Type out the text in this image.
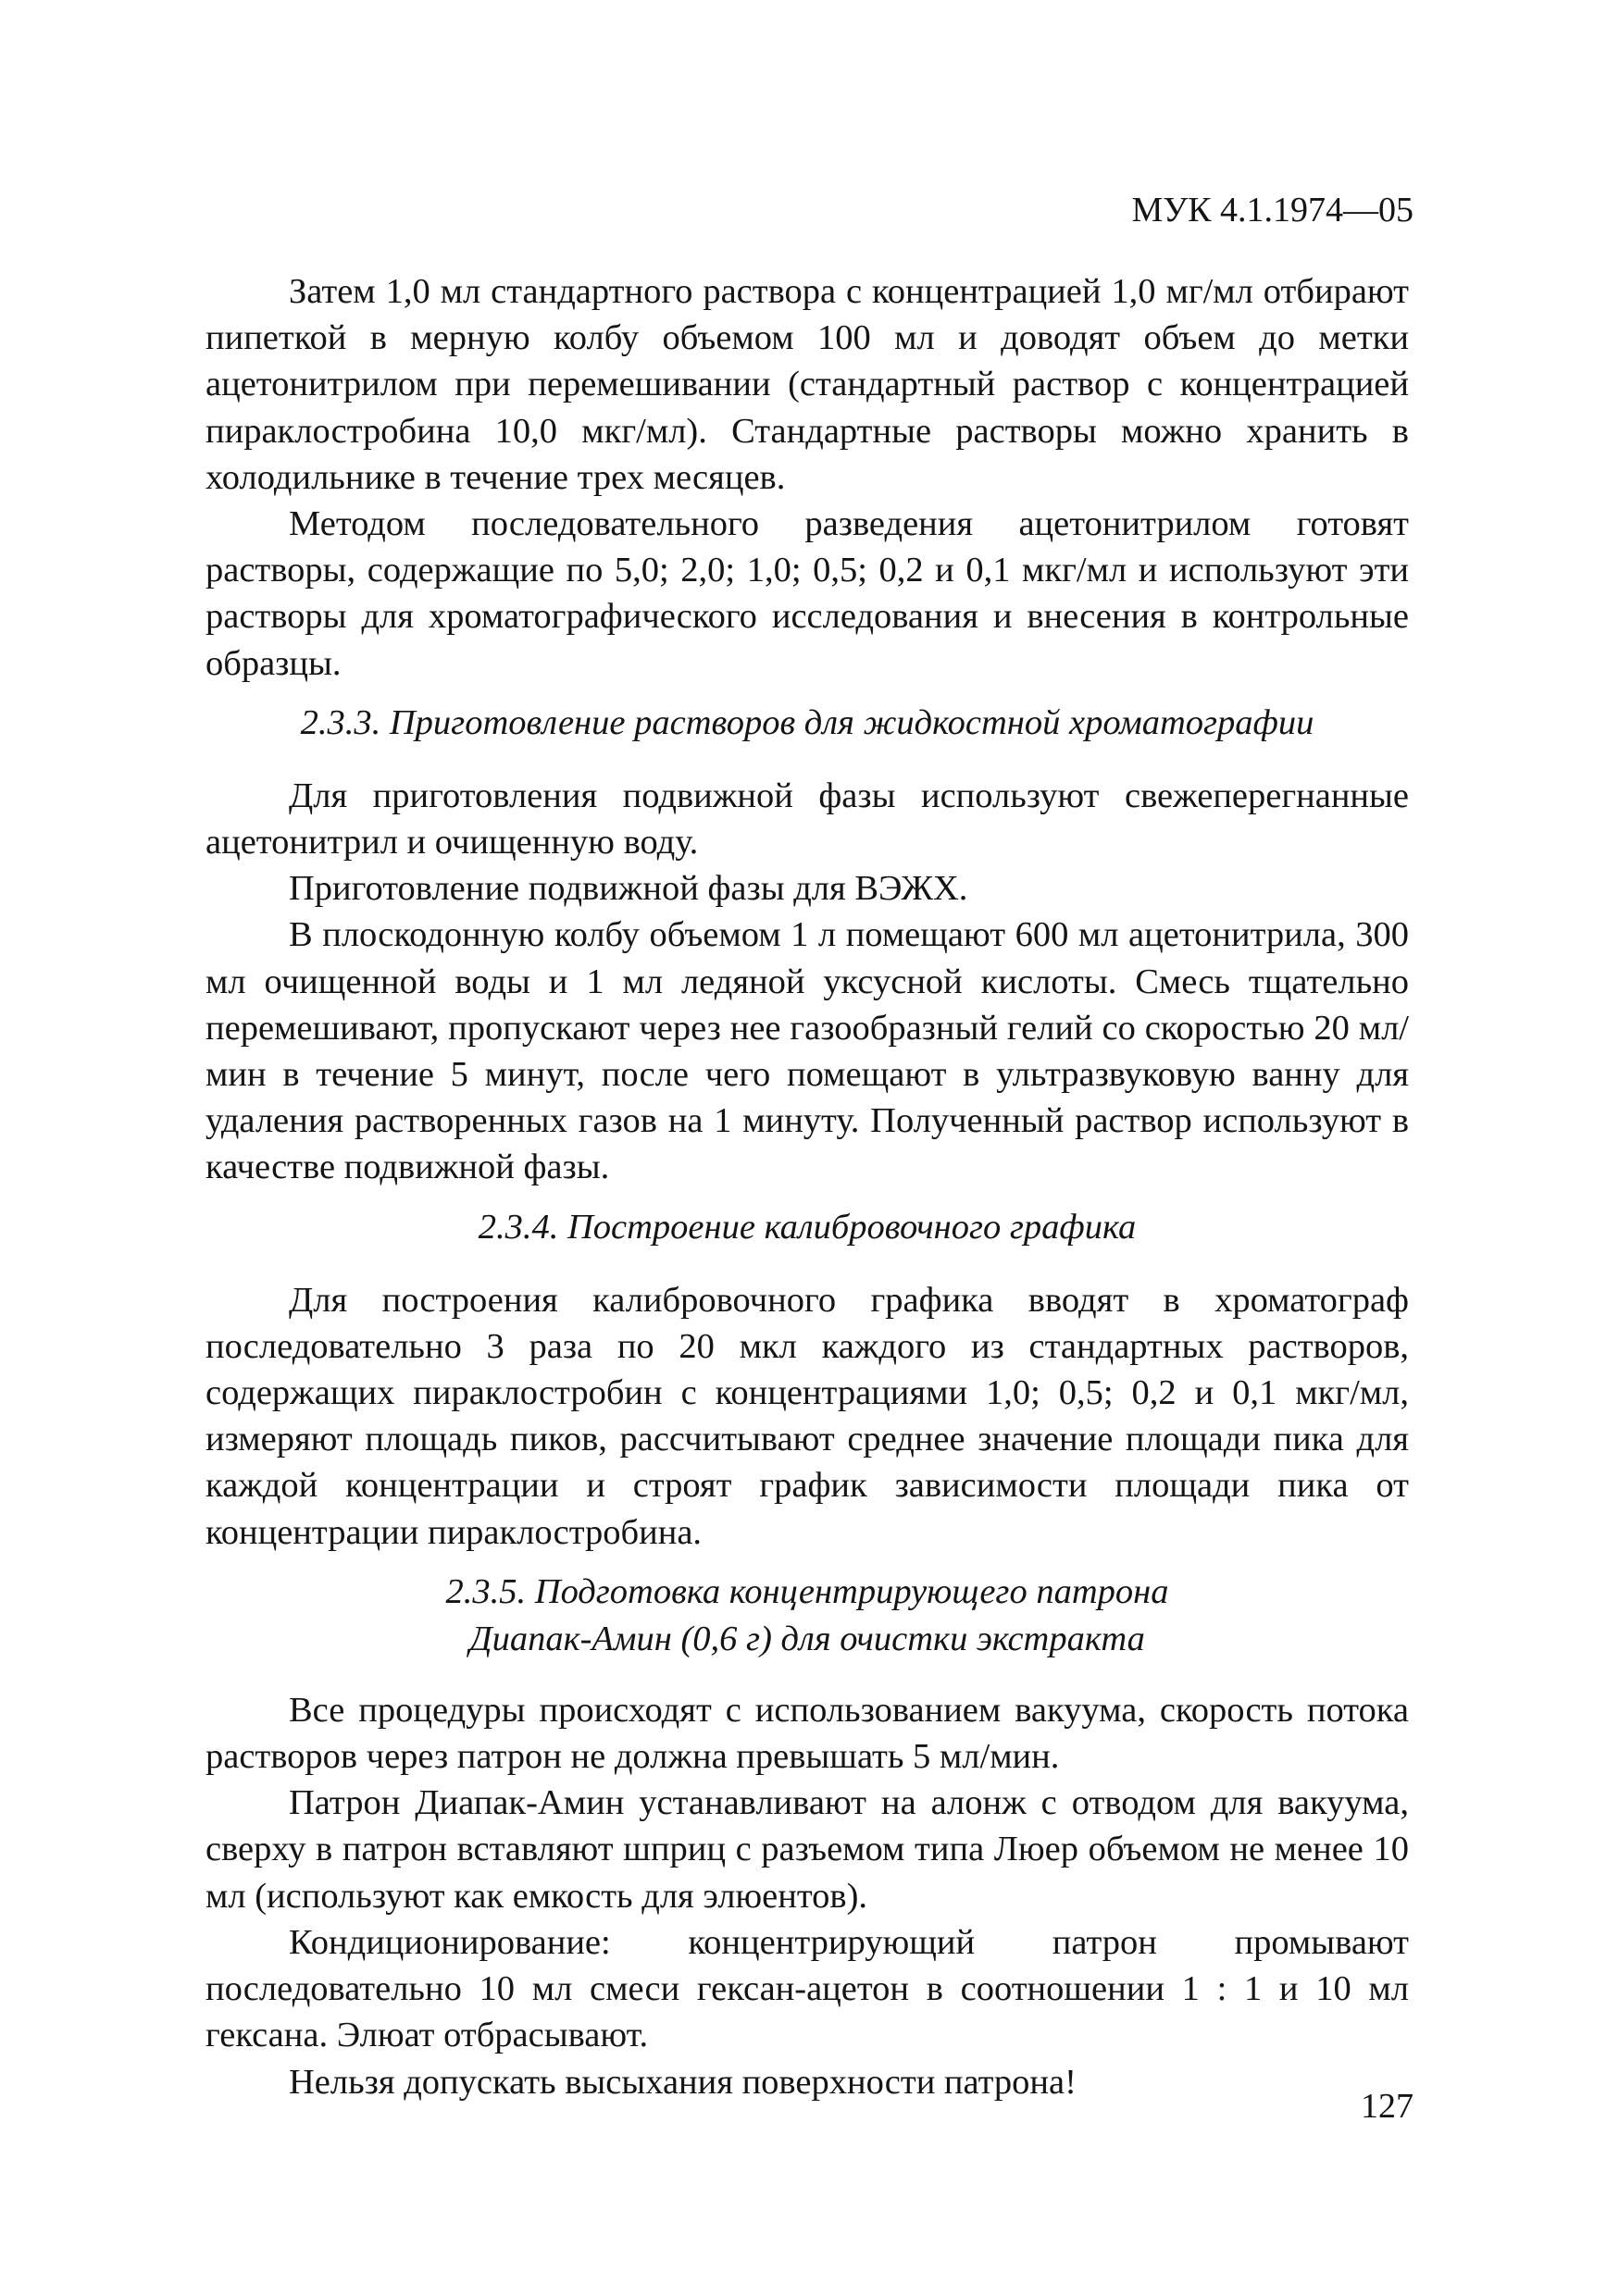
МУК 4.1.1974—05

Затем 1,0 мл стандартного раствора с концентрацией 1,0 мг/мл отбирают пипеткой в мерную колбу объемом 100 мл и доводят объем до метки ацетонитрилом при перемешивании (стандартный раствор с концентрацией пираклостробина 10,0 мкг/мл). Стандартные растворы можно хранить в холодильнике в течение трех месяцев.

Методом последовательного разведения ацетонитрилом готовят растворы, содержащие по 5,0; 2,0; 1,0; 0,5; 0,2 и 0,1 мкг/мл и используют эти растворы для хроматографического исследования и внесения в контрольные образцы.

2.3.3. Приготовление растворов для жидкостной хроматографии

Для приготовления подвижной фазы используют свежеперегнанные ацетонитрил и очищенную воду.

Приготовление подвижной фазы для ВЭЖХ.

В плоскодонную колбу объемом 1 л помещают 600 мл ацетонитрила, 300 мл очищенной воды и 1 мл ледяной уксусной кислоты. Смесь тщательно перемешивают, пропускают через нее газообразный гелий со скоростью 20 мл/мин в течение 5 минут, после чего помещают в ультразвуковую ванну для удаления растворенных газов на 1 минуту. Полученный раствор используют в качестве подвижной фазы.

2.3.4. Построение калибровочного графика

Для построения калибровочного графика вводят в хроматограф последовательно 3 раза по 20 мкл каждого из стандартных растворов, содержащих пираклостробин с концентрациями 1,0; 0,5; 0,2 и 0,1 мкг/мл, измеряют площадь пиков, рассчитывают среднее значение площади пика для каждой концентрации и строят график зависимости площади пика от концентрации пираклостробина.

2.3.5. Подготовка концентрирующего патрона
Диапак-Амин (0,6 г) для очистки экстракта

Все процедуры происходят с использованием вакуума, скорость потока растворов через патрон не должна превышать 5 мл/мин.

Патрон Диапак-Амин устанавливают на алонж с отводом для вакуума, сверху в патрон вставляют шприц с разъемом типа Люер объемом не менее 10 мл (используют как емкость для элюентов).

Кондиционирование: концентрирующий патрон промывают последовательно 10 мл смеси гексан-ацетон в соотношении 1 : 1 и 10 мл гексана. Элюат отбрасывают.

Нельзя допускать высыхания поверхности патрона!

127
